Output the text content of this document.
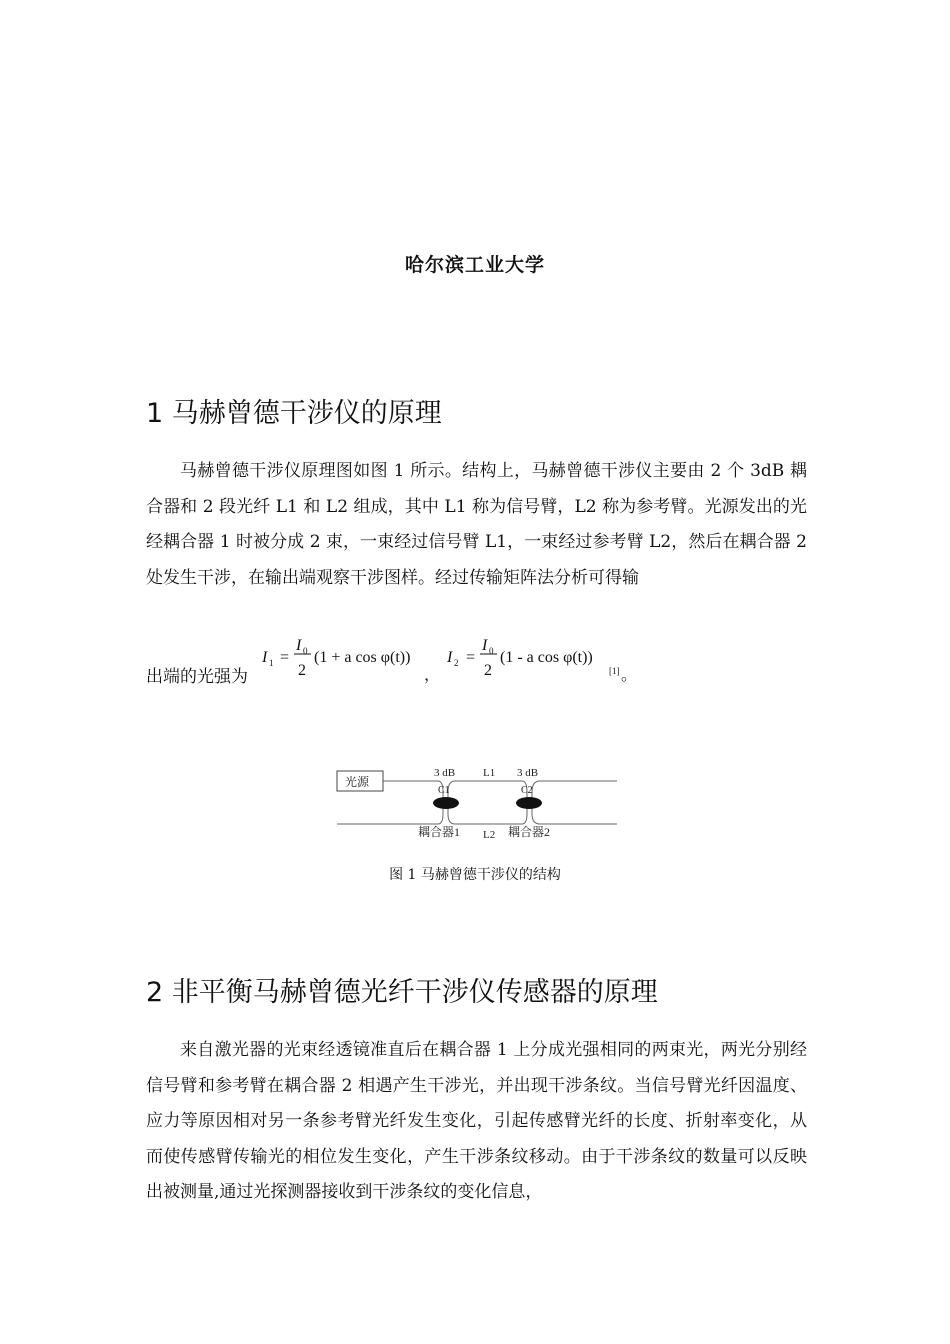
哈尔滨工业大学
1 马赫曾德干涉仪的原理

马赫曾德干涉仪原理图如图 1 所示。结构上，马赫曾德干涉仪主要由 2 个 3dB 耦合器和 2 段光纤 L1 和 L2 组成，其中 L1 称为信号臂，L2 称为参考臂。光源发出的光经耦合器 1 时被分成 2 束，一束经过信号臂 L1，一束经过参考臂 L2，然后在耦合器 2 处发生干涉，在输出端观察干涉图样。经过传输矩阵法分析可得输

出端的光强为
I 1 =
I 0
2
(1 + a cos φ(t))
，
I 2 =
I 0
2
(1 - a cos φ(t))
[1] 。
光源
3 dB
C1
L1 3 dB
C2
耦合器1 L2 耦合器2
图 1 马赫曾德干涉仪的结构
2 非平衡马赫曾德光纤干涉仪传感器的原理

来自激光器的光束经透镜准直后在耦合器 1 上分成光强相同的两束光，两光分别经信号臂和参考臂在耦合器 2 相遇产生干涉光，并出现干涉条纹。当信号臂光纤因温度、应力等原因相对另一条参考臂光纤发生变化，引起传感臂光纤的长度、折射率变化，从而使传感臂传输光的相位发生变化，产生干涉条纹移动。由于干涉条纹的数量可以反映出被测量,通过光探测器接收到干涉条纹的变化信息，
